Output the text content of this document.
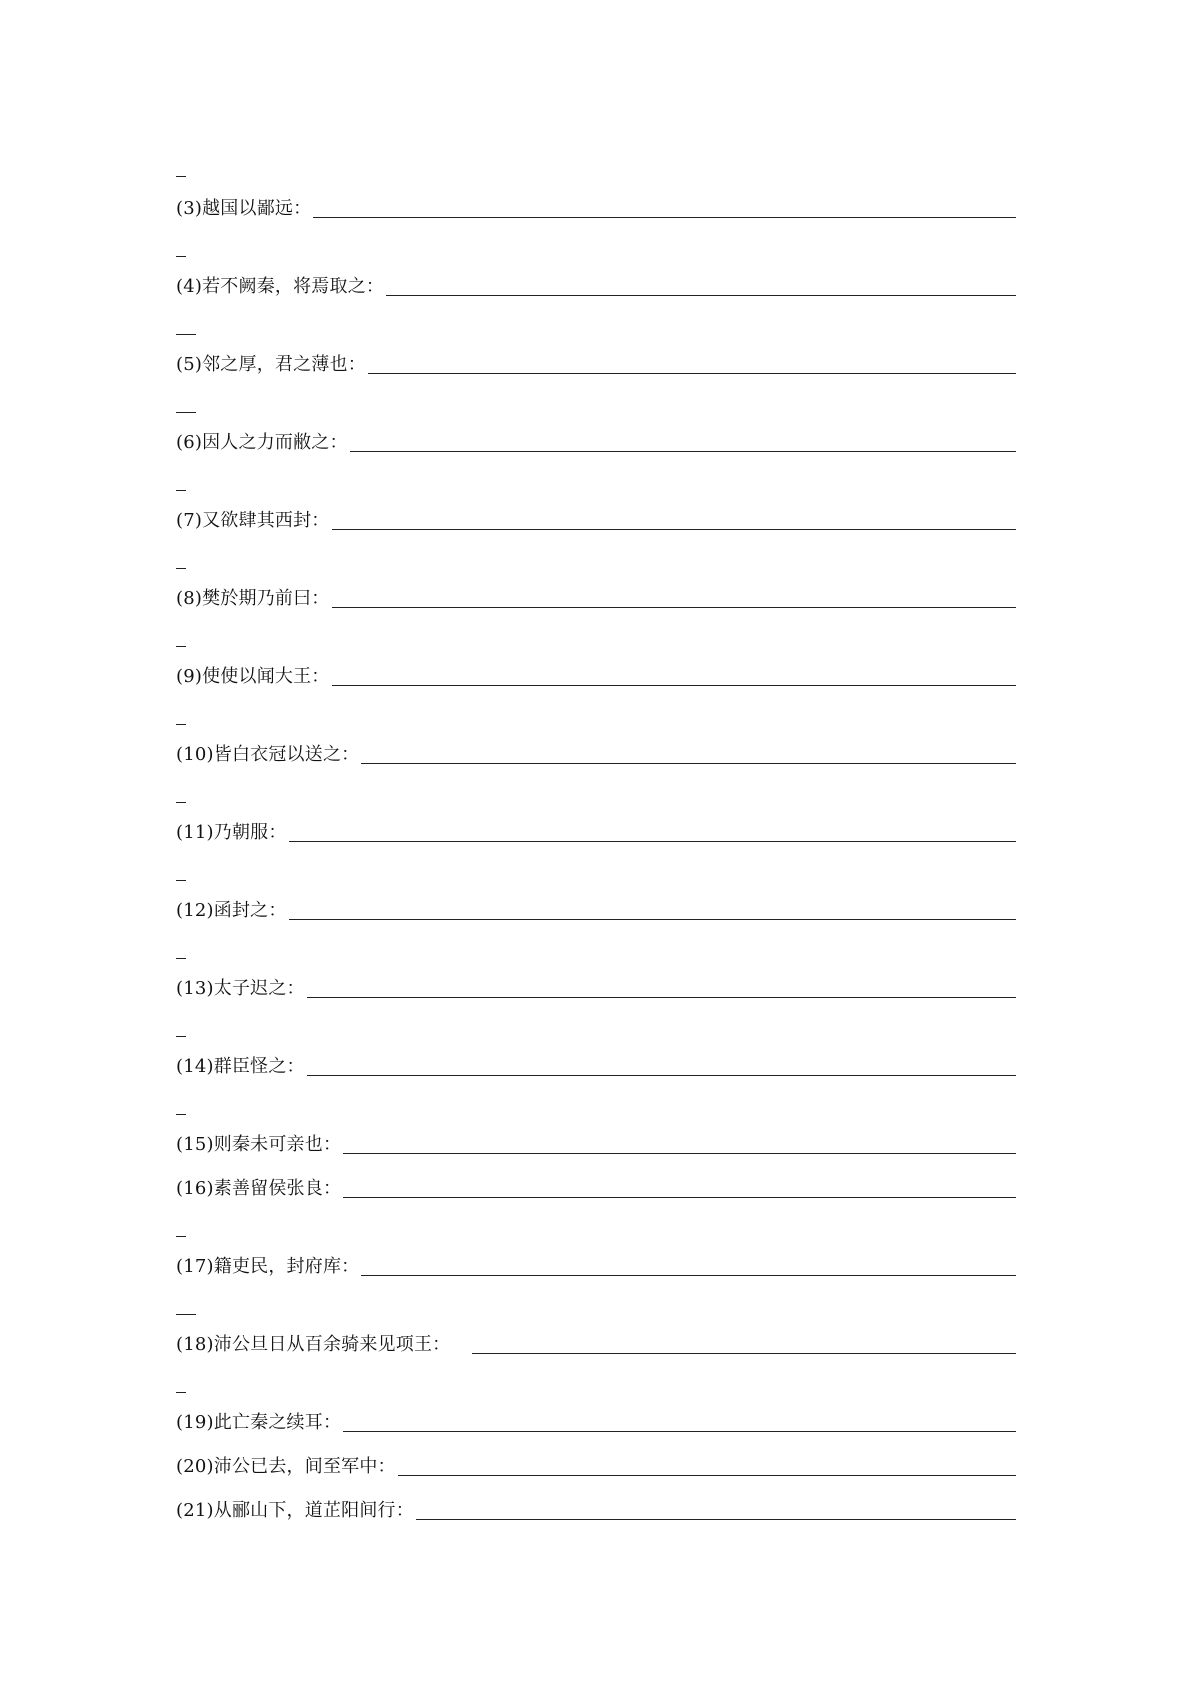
(3)越国以鄙远：
(4)若不阙秦，将焉取之：
(5)邻之厚，君之薄也：
(6)因人之力而敝之：
(7)又欲肆其西封：
(8)樊於期乃前曰：
(9)使使以闻大王：
(10)皆白衣冠以送之：
(11)乃朝服：
(12)函封之：
(13)太子迟之：
(14)群臣怪之：
(15)则秦未可亲也：
(16)素善留侯张良：
(17)籍吏民，封府库：
(18)沛公旦日从百余骑来见项王：
(19)此亡秦之续耳：
(20)沛公已去，间至军中：
(21)从郦山下，道芷阳间行：
